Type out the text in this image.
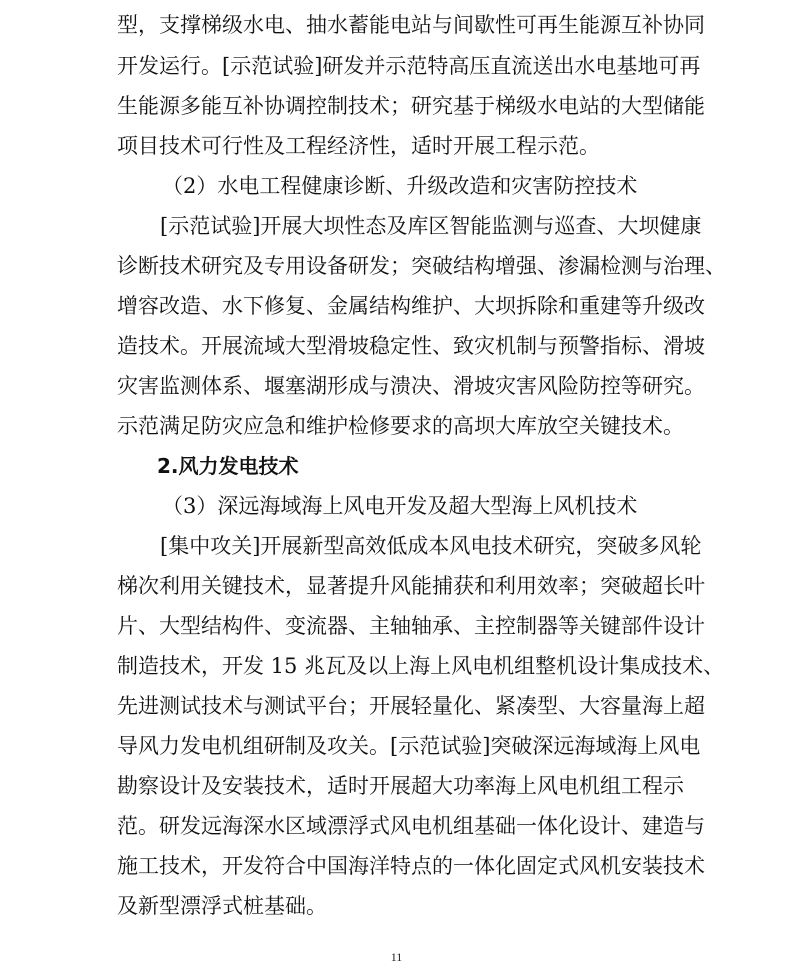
型，支撑梯级水电、抽水蓄能电站与间歇性可再生能源互补协同
开发运行。[示范试验]研发并示范特高压直流送出水电基地可再
生能源多能互补协调控制技术；研究基于梯级水电站的大型储能
项目技术可行性及工程经济性，适时开展工程示范。
（2）水电工程健康诊断、升级改造和灾害防控技术
[示范试验]开展大坝性态及库区智能监测与巡查、大坝健康
诊断技术研究及专用设备研发；突破结构增强、渗漏检测与治理、
增容改造、水下修复、金属结构维护、大坝拆除和重建等升级改
造技术。开展流域大型滑坡稳定性、致灾机制与预警指标、滑坡
灾害监测体系、堰塞湖形成与溃决、滑坡灾害风险防控等研究。
示范满足防灾应急和维护检修要求的高坝大库放空关键技术。
2.风力发电技术
（3）深远海域海上风电开发及超大型海上风机技术
[集中攻关]开展新型高效低成本风电技术研究，突破多风轮
梯次利用关键技术，显著提升风能捕获和利用效率；突破超长叶
片、大型结构件、变流器、主轴轴承、主控制器等关键部件设计
制造技术，开发 15 兆瓦及以上海上风电机组整机设计集成技术、
先进测试技术与测试平台；开展轻量化、紧凑型、大容量海上超
导风力发电机组研制及攻关。[示范试验]突破深远海域海上风电
勘察设计及安装技术，适时开展超大功率海上风电机组工程示
范。研发远海深水区域漂浮式风电机组基础一体化设计、建造与
施工技术，开发符合中国海洋特点的一体化固定式风机安装技术
及新型漂浮式桩基础。
11
